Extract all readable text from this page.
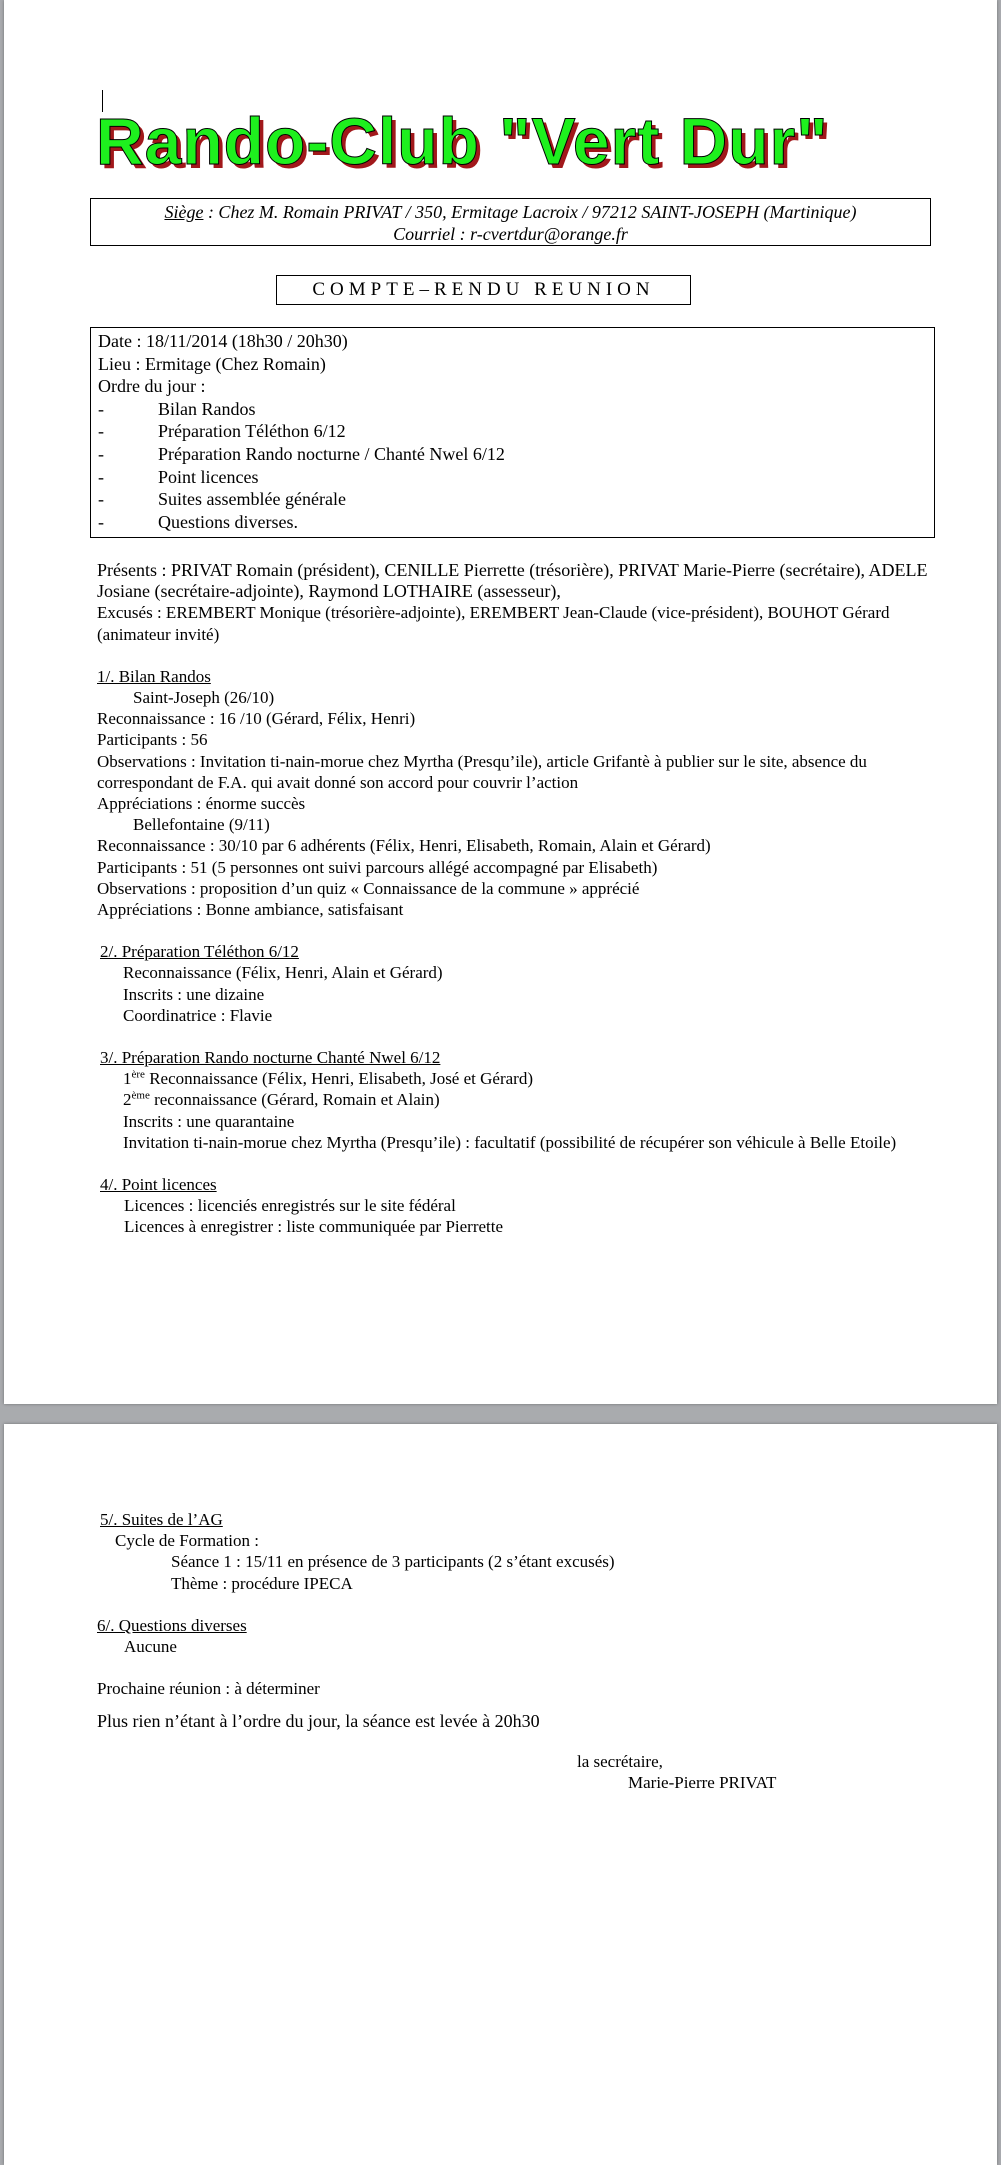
Rando-Club "Vert Dur"
Siège : Chez M. Romain PRIVAT / 350, Ermitage Lacroix / 97212 SAINT-JOSEPH (Martinique)
Courriel : r-cvertdur@orange.fr
COMPTE–RENDU REUNION
Date : 18/11/2014 (18h30 / 20h30)
Lieu : Ermitage (Chez Romain)
Ordre du jour :
-	Bilan Randos
-	Préparation Téléthon 6/12
-	Préparation Rando nocturne / Chanté Nwel 6/12
-	Point licences
-	Suites assemblée générale
-	Questions diverses.

Présents : PRIVAT Romain (président), CENILLE Pierrette (trésorière), PRIVAT Marie-Pierre (secrétaire), ADELE Josiane (secrétaire-adjointe), Raymond LOTHAIRE (assesseur),

Excusés : EREMBERT Monique (trésorière-adjointe), EREMBERT Jean-Claude (vice-président), BOUHOT Gérard (animateur invité)

1/. Bilan Randos

Saint-Joseph (26/10)

Reconnaissance : 16 /10 (Gérard, Félix, Henri)

Participants : 56

Observations : Invitation ti-nain-morue chez Myrtha (Presqu’ile), article Grifantè à publier sur le site, absence du correspondant de F.A. qui avait donné son accord pour couvrir l’action

Appréciations : énorme succès

Bellefontaine (9/11)

Reconnaissance : 30/10 par 6 adhérents (Félix, Henri, Elisabeth, Romain, Alain et Gérard)

Participants : 51 (5 personnes ont suivi parcours allégé accompagné par Elisabeth)

Observations : proposition d’un quiz « Connaissance de la commune » apprécié

Appréciations : Bonne ambiance, satisfaisant

2/. Préparation Téléthon 6/12

Reconnaissance (Félix, Henri, Alain et Gérard)

Inscrits : une dizaine

Coordinatrice : Flavie

3/. Préparation Rando nocturne Chanté Nwel 6/12

1ère Reconnaissance (Félix, Henri, Elisabeth, José et Gérard)

2ème reconnaissance (Gérard, Romain et Alain)

Inscrits : une quarantaine

Invitation ti-nain-morue chez Myrtha (Presqu’ile) : facultatif (possibilité de récupérer son véhicule à Belle Etoile)

4/. Point licences

Licences : licenciés enregistrés sur le site fédéral

Licences à enregistrer : liste communiquée par Pierrette

5/. Suites de l’AG

Cycle de Formation :

Séance 1 : 15/11 en présence de 3 participants (2 s’étant excusés)

Thème : procédure IPECA

6/. Questions diverses

Aucune

Prochaine réunion : à déterminer

Plus rien n’étant à l’ordre du jour, la séance est levée à 20h30

la secrétaire,

Marie-Pierre PRIVAT
